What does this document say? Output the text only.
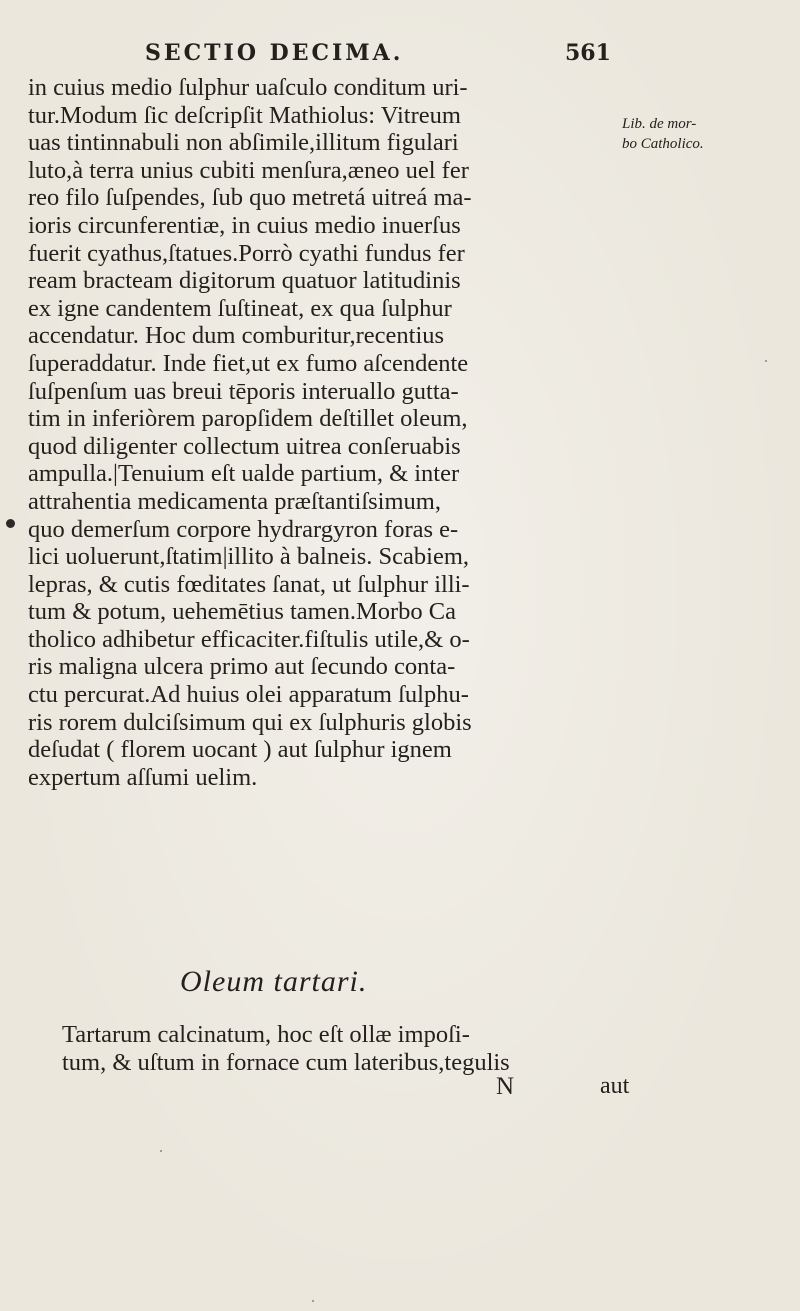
SECTIO DECIMA.	561
Lib. de mor-
bo Catholico.
in cuius medio ſulphur uaſculo conditum uri-
tur.Modum ſic deſcripſit Mathiolus: Vitreum
uas tintinnabuli non abſimile,illitum figulari
luto,à terra unius cubiti menſura,æneo uel fer
reo filo ſuſpendes, ſub quo metretá uitreá ma-
ioris circunferentiæ, in cuius medio inuerſus
fuerit cyathus,ſtatues.Porrò cyathi fundus fer
ream bracteam digitorum quatuor latitudinis
ex igne candentem ſuſtineat, ex qua ſulphur
accendatur. Hoc dum comburitur,recentius
ſuperaddatur. Inde fiet,ut ex fumo aſcendente
ſuſpenſum uas breui tēporis interuallo gutta-
tim in inferiòrem paropſidem deſtillet oleum,
quod diligenter collectum uitrea conſeruabis
ampulla.|Tenuium eſt ualde partium, & inter
attrahentia medicamenta præſtantiſsimum,
quo demerſum corpore hydrargyron foras e-
lici uoluerunt,ſtatim|illito à balneis. Scabiem,
lepras, & cutis fœditates ſanat, ut ſulphur illi-
tum & potum, uehemētius tamen.Morbo Ca
tholico adhibetur efficaciter.fiſtulis utile,& o-
ris maligna ulcera primo aut ſecundo conta-
ctu percurat.Ad huius olei apparatum ſulphu-
ris rorem dulciſsimum qui ex ſulphuris globis
deſudat ( florem uocant ) aut ſulphur ignem
expertum aſſumi uelim.
Oleum tartari.
Tartarum calcinatum, hoc eſt ollæ impoſi-
tum, & uſtum in fornace cum lateribus,tegulis
N	aut
